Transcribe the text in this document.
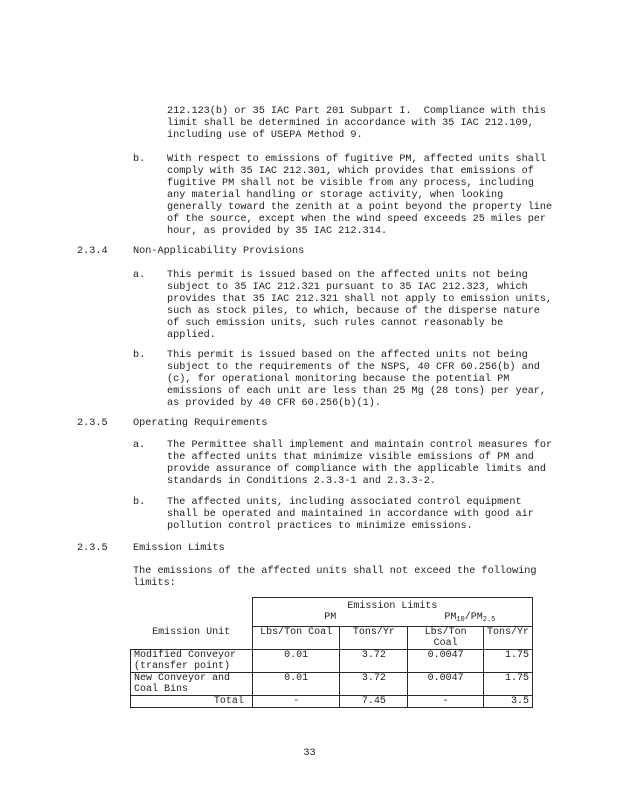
212.123(b) or 35 IAC Part 201 Subpart I.  Compliance with this
limit shall be determined in accordance with 35 IAC 212.109,
including use of USEPA Method 9.
b. With respect to emissions of fugitive PM, affected units shall
comply with 35 IAC 212.301, which provides that emissions of
fugitive PM shall not be visible from any process, including
any material handling or storage activity, when looking
generally toward the zenith at a point beyond the property line
of the source, except when the wind speed exceeds 25 miles per
hour, as provided by 35 IAC 212.314.
2.3.4 Non-Applicability Provisions
a. This permit is issued based on the affected units not being
subject to 35 IAC 212.321 pursuant to 35 IAC 212.323, which
provides that 35 IAC 212.321 shall not apply to emission units,
such as stock piles, to which, because of the disperse nature
of such emission units, such rules cannot reasonably be
applied.
b. This permit is issued based on the affected units not being
subject to the requirements of the NSPS, 40 CFR 60.256(b) and
(c), for operational monitoring because the potential PM
emissions of each unit are less than 25 Mg (28 tons) per year,
as provided by 40 CFR 60.256(b)(1).
2.3.5 Operating Requirements
a. The Permittee shall implement and maintain control measures for
the affected units that minimize visible emissions of PM and
provide assurance of compliance with the applicable limits and
standards in Conditions 2.3.3-1 and 2.3.3-2.
b. The affected units, including associated control equipment
shall be operated and maintained in accordance with good air
pollution control practices to minimize emissions.
2.3.5 Emission Limits
The emissions of the affected units shall not exceed the following
limits:
	Emission Limits			
	PM		$PM_{10}/PM_{2.5}$
Emission Unit	Lbs/Ton Coal	Tons/Yr	Lbs/Ton Coal	Tons/Yr
Modified Conveyor
(transfer point)	0.01	3.72	0.0047	1.75
New Conveyor and
Coal Bins	0.01	3.72	0.0047	1.75
Total	-	7.45	-	3.5
33
